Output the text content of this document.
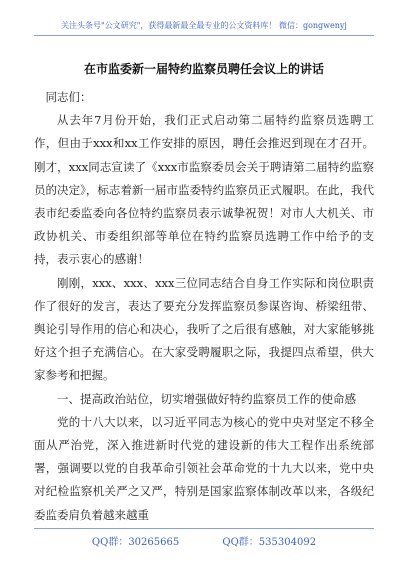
关注头条号"公文研究"，获得最新最全最专业的公文资料库！ 微信：gongwenyj
在市监委新一届特约监察员聘任会议上的讲话

同志们：

从去年7月份开始，我们正式启动第二届特约监察员选聘工作，但由于xxx和xx工作安排的原因，聘任会推迟到现在才召开。刚才，xxx同志宣读了《xxx市监察委员会关于聘请第二届特约监察员的决定》，标志着新一届市监委特约监察员正式履职。在此，我代表市纪委监委向各位特约监察员表示诚挚祝贺！对市人大机关、市政协机关、市委组织部等单位在特约监察员选聘工作中给予的支持，表示衷心的感谢！

刚刚，xxx、xxx、xxx三位同志结合自身工作实际和岗位职责作了很好的发言，表达了要充分发挥监察员参谋咨询、桥梁纽带、舆论引导作用的信心和决心，我听了之后很有感触，对大家能够挑好这个担子充满信心。在大家受聘履职之际，我提四点希望，供大家参考和把握。

一、提高政治站位，切实增强做好特约监察员工作的使命感

党的十八大以来，以习近平同志为核心的党中央对坚定不移全面从严治党，深入推进新时代党的建设新的伟大工程作出系统部署，强调要以党的自我革命引领社会革命党的十九大以来，党中央对纪检监察机关严之又严，特别是国家监察体制改革以来，各级纪委监委肩负着越来越重

QQ群：30265665	QQ群：535304092
